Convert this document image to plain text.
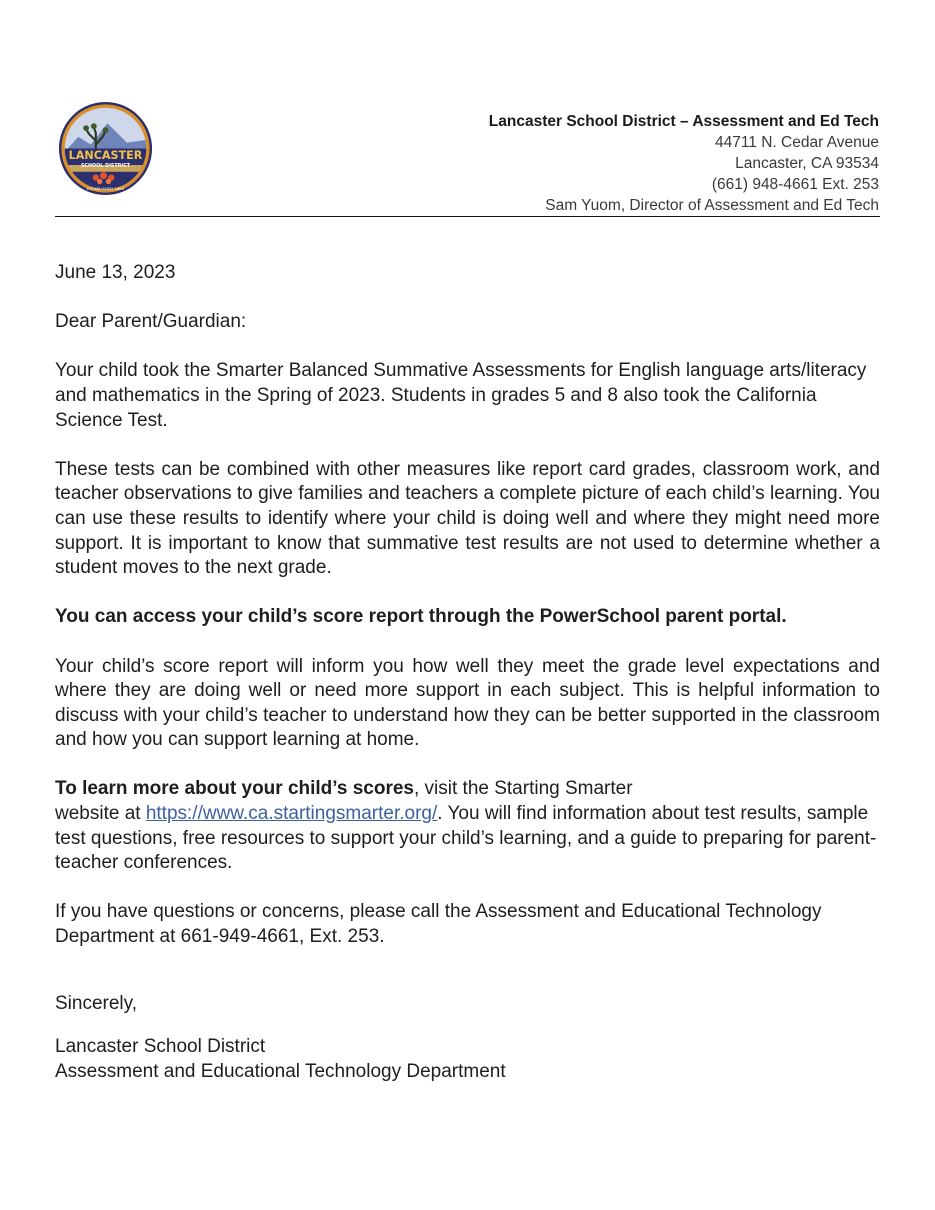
LANCASTER
SCHOOL DISTRICT
ESTABLISHED 1884
Lancaster School District – Assessment and Ed Tech
44711 N. Cedar Avenue
Lancaster, CA 93534
(661) 948-4661 Ext. 253
Sam Yuom, Director of Assessment and Ed Tech

June 13, 2023

Dear Parent/Guardian:

Your child took the Smarter Balanced Summative Assessments for English language arts/literacy and mathematics in the Spring of 2023. Students in grades 5 and 8 also took the California Science Test.

These tests can be combined with other measures like report card grades, classroom work, and teacher observations to give families and teachers a complete picture of each child’s learning. You can use these results to identify where your child is doing well and where they might need more support. It is important to know that summative test results are not used to determine whether a student moves to the next grade.

You can access your child’s score report through the PowerSchool parent portal.

Your child’s score report will inform you how well they meet the grade level expectations and where they are doing well or need more support in each subject. This is helpful information to discuss with your child’s teacher to understand how they can be better supported in the classroom and how you can support learning at home.

To learn more about your child’s scores, visit the Starting Smarter
website at https://www.ca.startingsmarter.org/. You will find information about test results, sample test questions, free resources to support your child’s learning, and a guide to preparing for parent-teacher conferences.

If you have questions or concerns, please call the Assessment and Educational Technology Department at 661-949-4661, Ext. 253.

Sincerely,

Lancaster School District

Assessment and Educational Technology Department
